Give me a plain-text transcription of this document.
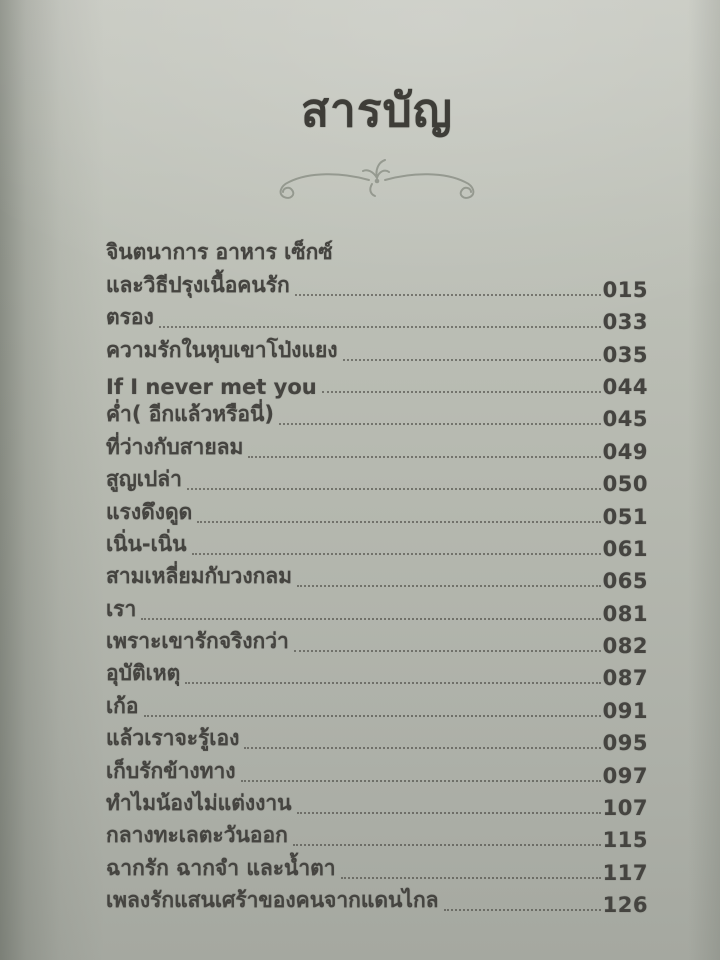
สารบัญ
จินตนาการ อาหาร เซ็กซ์
และวิธีปรุงเนื้อคนรัก	015
ตรอง	033
ความรักในหุบเขาโป่งแยง	035
If I never met you	044
ค่ำ( อีกแล้วหรือนี่)	045
ที่ว่างกับสายลม	049
สูญเปล่า	050
แรงดึงดูด	051
เนิ่น-เนิ่น	061
สามเหลี่ยมกับวงกลม	065
เรา	081
เพราะเขารักจริงกว่า	082
อุบัติเหตุ	087
เก้อ	091
แล้วเราจะรู้เอง	095
เก็บรักข้างทาง	097
ทำไมน้องไม่แต่งงาน	107
กลางทะเลตะวันออก	115
ฉากรัก ฉากจำ และน้ำตา	117
เพลงรักแสนเศร้าของคนจากแดนไกล	126
